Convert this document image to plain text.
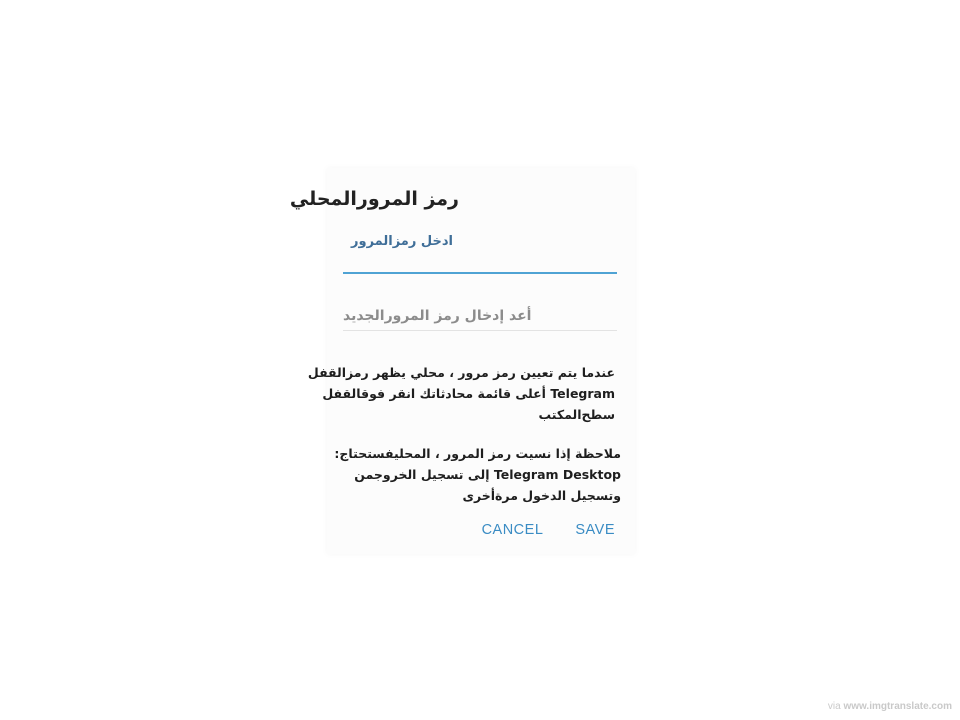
رمز المرورالمحلي
ادخل رمزالمرور
أعد إدخال رمز المرورالجديد
عندما يتم تعيين رمز مرور ، محلي يظهر رمزالقفل
Telegram أعلى قائمة محادثاتك انقر فوقالقفل
سطح‌المكتب
ملاحظة إذا نسيت رمز المرور ، المحليفستحتاج:
Telegram Desktop إلى تسجيل الخروجمن
وتسجيل الدخول مرةأخرى
CANCEL SAVE
via www.imgtranslate.com
